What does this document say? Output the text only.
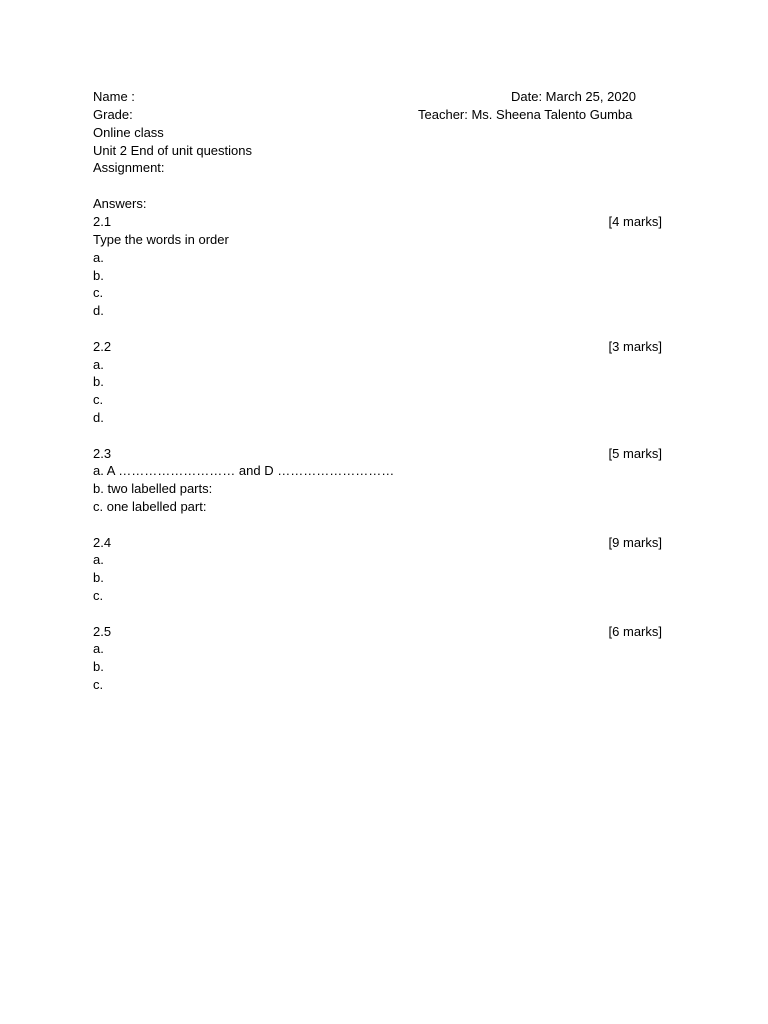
Name :	Date: March 25, 2020
Grade:	Teacher: Ms. Sheena Talento Gumba
Online class
Unit 2 End of unit questions
Assignment:
Answers:
2.1	[4 marks]
Type the words in order
a.
b.
c.
d.
2.2	[3 marks]
a.
b.
c.
d.
2.3	[5 marks]
a. A ……………………… and D ………………………
b. two labelled parts:
c. one labelled part:
2.4	[9 marks]
a.
b.
c.
2.5	[6 marks]
a.
b.
c.
